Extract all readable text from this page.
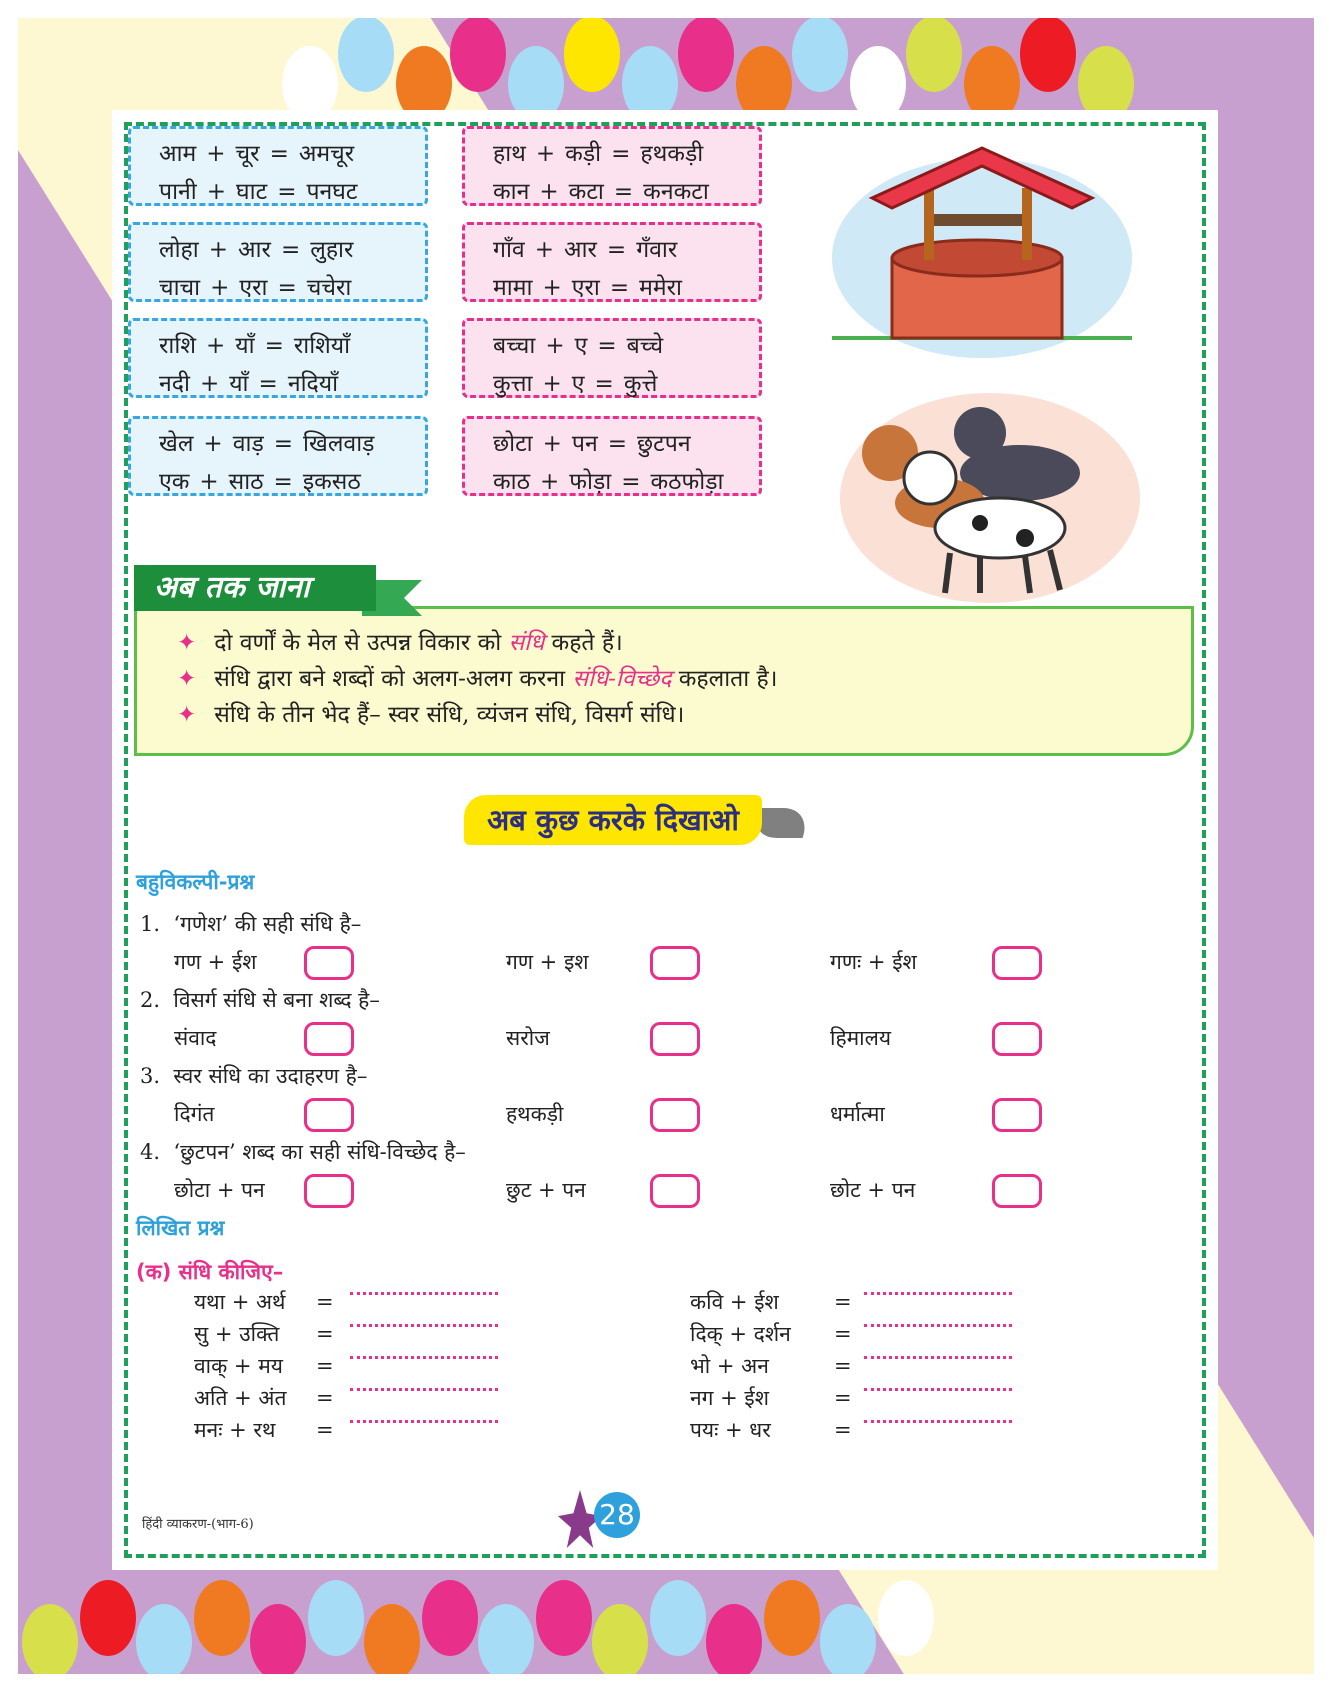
आम + चूर = अमचूर
पानी + घाट = पनघट
हाथ + कड़ी = हथकड़ी
कान + कटा = कनकटा
लोहा + आर = लुहार
चाचा + एरा = चचेरा
गाँव + आर = गँवार
मामा + एरा = ममेरा
राशि + याँ = राशियाँ
नदी + याँ = नदियाँ
बच्चा + ए = बच्चे
कुत्ता + ए = कुत्ते
खेल + वाड़ = खिलवाड़
एक + साठ = इकसठ
छोटा + पन = छुटपन
काठ + फोड़ा = कठफोड़ा
✦ दो वर्णों के मेल से उत्पन्न विकार को संधि कहते हैं।
✦ संधि द्वारा बने शब्दों को अलग-अलग करना संधि-विच्छेद कहलाता है।
✦ संधि के तीन भेद हैं– स्वर संधि, व्यंजन संधि, विसर्ग संधि।
अब तक जाना
अब कुछ करके दिखाओ
बहुविकल्पी-प्रश्न
1. ‘गणेश’ की सही संधि है–
गण + ईश	गण + इश	गणः + ईश
2. विसर्ग संधि से बना शब्द है–
संवाद	सरोज	हिमालय
3. स्वर संधि का उदाहरण है–
दिगंत	हथकड़ी	धर्मात्मा
4. ‘छुटपन’ शब्द का सही संधि-विच्छेद है–
छोटा + पन	छुट + पन	छोट + पन
लिखित प्रश्न
(क) संधि कीजिए–
यथा + अर्थ =
सु + उक्ति =
वाक् + मय =
अति + अंत =
मनः + रथ =
कवि + ईश	=
दिक् + दर्शन =
भो + अन	=
नग + ईश	=
पयः + धर	=
हिंदी व्याकरण-(भाग-6)	28
